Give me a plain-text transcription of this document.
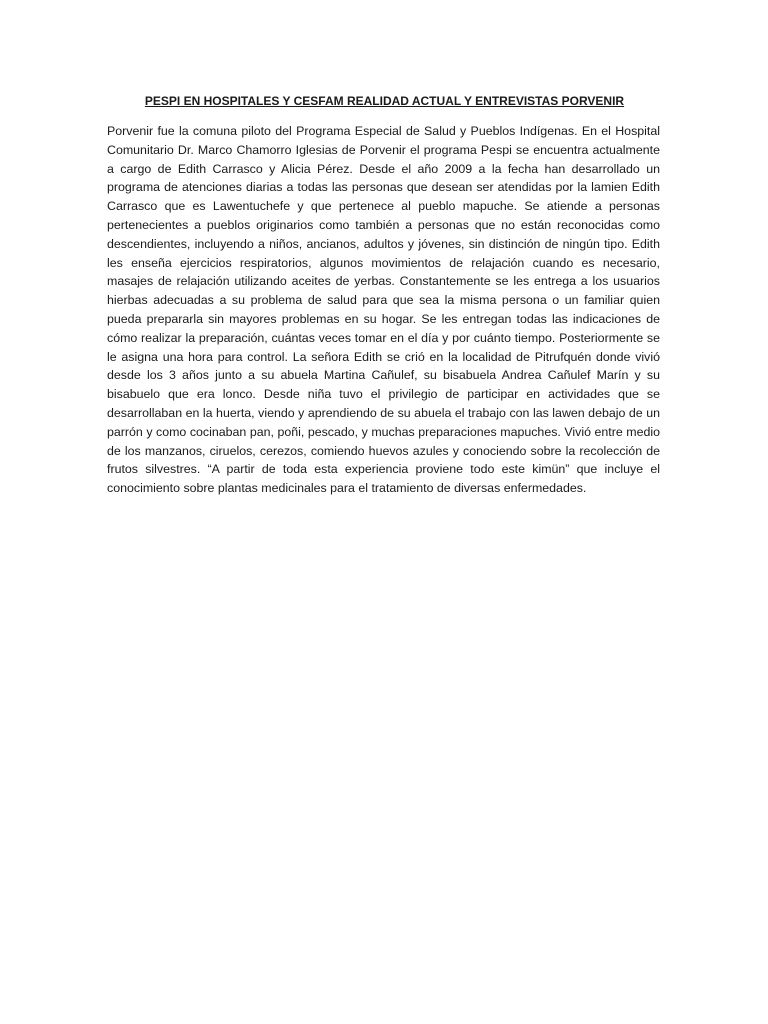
PESPI EN HOSPITALES Y CESFAM REALIDAD ACTUAL Y ENTREVISTAS PORVENIR

Porvenir fue la comuna piloto del Programa Especial de Salud y Pueblos Indígenas. En el Hospital Comunitario Dr. Marco Chamorro Iglesias de Porvenir el programa Pespi se encuentra actualmente a cargo de Edith Carrasco y Alicia Pérez. Desde el año 2009 a la fecha han desarrollado un programa de atenciones diarias a todas las personas que desean ser atendidas por la lamien Edith Carrasco que es Lawentuchefe y que pertenece al pueblo mapuche. Se atiende a personas pertenecientes a pueblos originarios como también a personas que no están reconocidas como descendientes, incluyendo a niños, ancianos, adultos y jóvenes, sin distinción de ningún tipo. Edith les enseña ejercicios respiratorios, algunos movimientos de relajación cuando es necesario, masajes de relajación utilizando aceites de yerbas. Constantemente se les entrega a los usuarios hierbas adecuadas a su problema de salud para que sea la misma persona o un familiar quien pueda prepararla sin mayores problemas en su hogar. Se les entregan todas las indicaciones de cómo realizar la preparación, cuántas veces tomar en el día y por cuánto tiempo. Posteriormente se le asigna una hora para control. La señora Edith se crió en la localidad de Pitrufquén donde vivió desde los 3 años junto a su abuela Martina Cañulef, su bisabuela Andrea Cañulef Marín y su bisabuelo que era lonco. Desde niña tuvo el privilegio de participar en actividades que se desarrollaban en la huerta, viendo y aprendiendo de su abuela el trabajo con las lawen debajo de un parrón y como cocinaban pan, poñi, pescado, y muchas preparaciones mapuches. Vivió entre medio de los manzanos, ciruelos, cerezos, comiendo huevos azules y conociendo sobre la recolección de frutos silvestres. “A partir de toda esta experiencia proviene todo este kimün” que incluye el conocimiento sobre plantas medicinales para el tratamiento de diversas enfermedades.
